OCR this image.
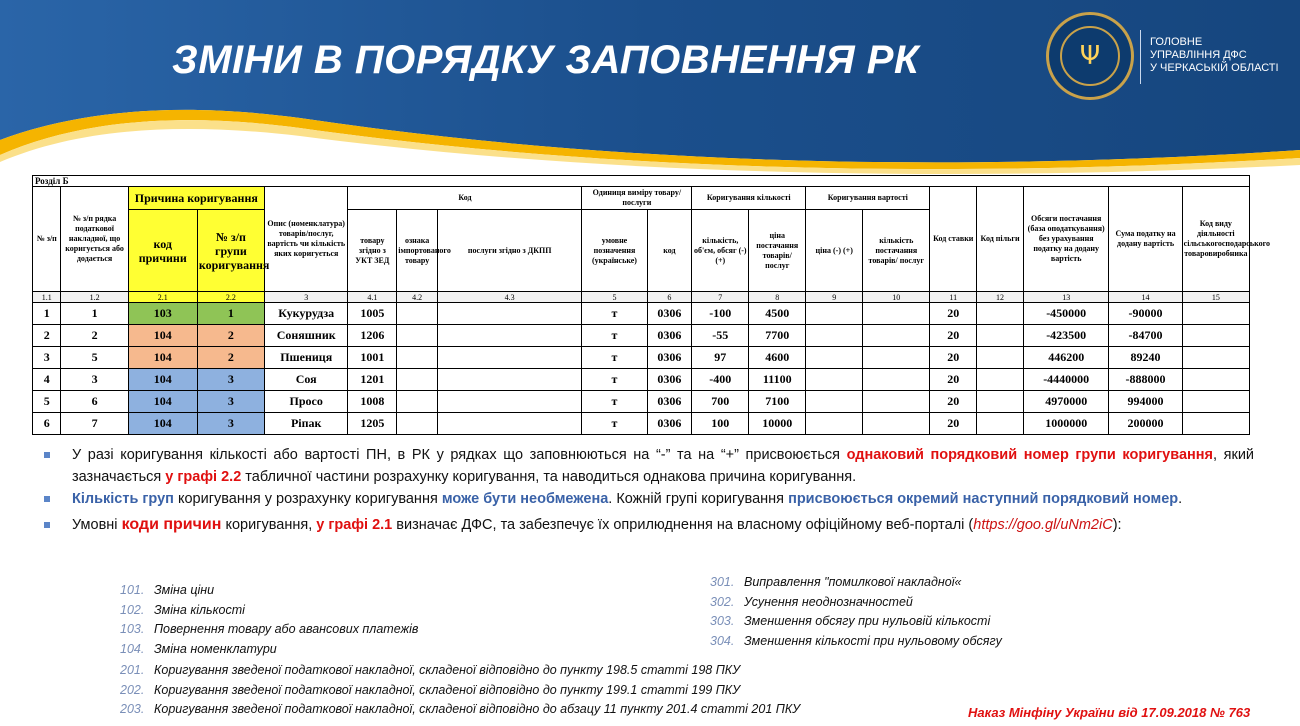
ЗМІНИ В ПОРЯДКУ ЗАПОВНЕННЯ РК	Ψ	ГОЛОВНЕ
УПРАВЛІННЯ ДФС
У ЧЕРКАСЬКІЙ ОБЛАСТІ
Розділ Б																		
№ з/п	№ з/п рядка податкової накладної, що коригується або додається	Причина коригування		Опис (номенклатура) товарів/послуг, вартість чи кількість яких коригується	Код			Одиниця виміру товару/послуги		Коригування кількості		Коригування вартості		Код ставки	Код пільги	Обсяги постачання (база оподаткування) без урахування податку на додану вартість	Сума податку на додану вартість	Код виду діяльності сільськогосподарського товаровиробника

		код причини	№ з/п групи коригування		товару згідно з УКТ ЗЕД	ознака імпортованого товару	послуги згідно з ДКПП	умовне позначення (українське)	код	кількість, об'єм, обсяг (-) (+)	ціна постачання товарів/ послуг	ціна (-) (+)	кількість постачання товарів/ послуг					
1.1	1.2	2.1	2.2	3	4.1	4.2	4.3	5	6	7	8	9	10	11	12	13	14	15
1	1	103	1	Кукурудза	1005			т	0306	-100	4500			20		-450000	-90000	
2	2	104	2	Соняшник	1206			т	0306	-55	7700			20		-423500	-84700	
3	5	104	2	Пшениця	1001			т	0306	97	4600			20		446200	89240	
4	3	104	3	Соя	1201			т	0306	-400	11100			20		-4440000	-888000	
5	6	104	3	Просо	1008			т	0306	700	7100			20		4970000	994000	
6	7	104	3	Ріпак	1205			т	0306	100	10000			20		1000000	200000	
У разі коригування кількості або вартості ПН, в РК у рядках що заповнюються на “-” та на “+” присвоюється однаковий порядковий номер групи коригування, який зазначається у графі 2.2 табличної частини розрахунку коригування, та наводиться однакова причина коригування.
Кількість груп коригування у розрахунку коригування може бути необмежена. Кожній групі коригування присвоюється окремий наступний порядковий номер.
Умовні коди причин коригування, у графі 2.1 визначає ДФС, та забезпечує їх оприлюднення на власному офіційному веб-порталі (https://goo.gl/uNm2iC):
101. Зміна ціни
102. Зміна кількості
103. Повернення товару або авансових платежів
104. Зміна номенклатури
301. Виправлення "помилкової накладної«
302. Усунення неоднозначностей
303. Зменшення обсягу при нульовій кількості
304. Зменшення кількості при нульовому обсягу
201. Коригування зведеної податкової накладної, складеної відповідно до пункту 198.5 статті 198 ПКУ
202. Коригування зведеної податкової накладної, складеної відповідно до пункту 199.1 статті 199 ПКУ
203. Коригування зведеної податкової накладної, складеної відповідно до абзацу 11 пункту 201.4 статті 201 ПКУ	Наказ Мінфіну України від 17.09.2018 № 763
